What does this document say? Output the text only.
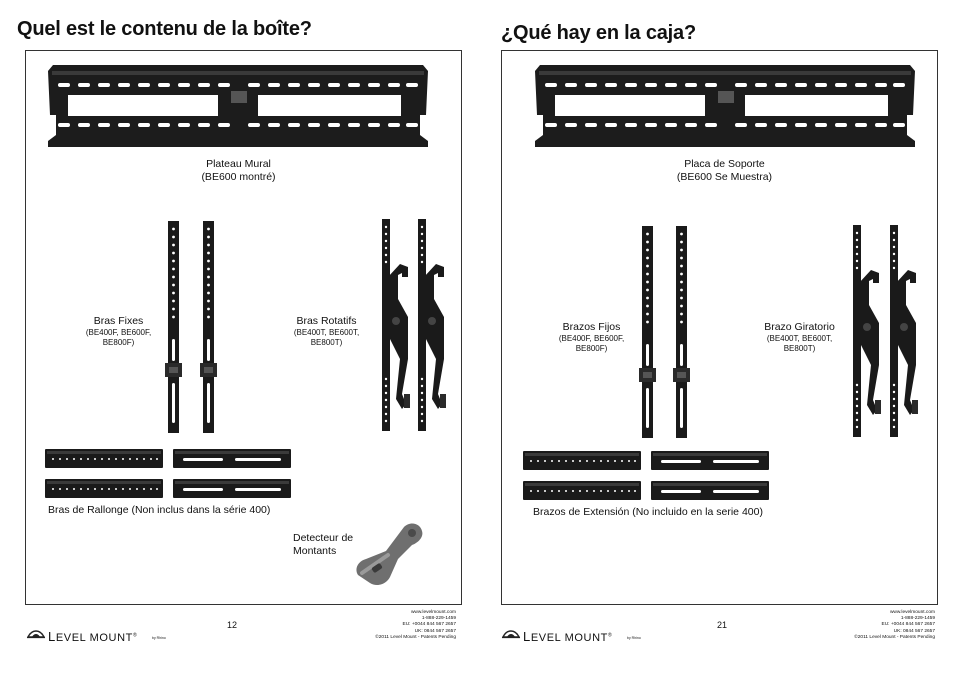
Quel est le contenu de la boîte?
Plateau Mural
(BE600 montré)
Bras Fixes
(BE400F, BE600F,
BE800F)
Bras Rotatifs
(BE400T, BE600T,
BE800T)
Bras de Rallonge (Non inclus dans la série 400)
Detecteur de
Montants
12
www.levelmount.com
1-888-229-1459
EU: +0044 844 567 2657
UK: 0844 567 2657
©2011 Level Mount - Patents Pending
LEVEL MOUNT®	by Rhino
¿Qué hay en la caja?
Placa de Soporte
(BE600 Se Muestra)
Brazos Fijos
(BE400F, BE600F,
BE800F)
Brazo Giratorio
(BE400T, BE600T,
BE800T)
Brazos de Extensión (No incluido en la serie 400)
21
www.levelmount.com
1-888-229-1459
EU: +0044 844 567 2657
UK: 0844 567 2657
©2011 Level Mount - Patents Pending
LEVEL MOUNT®	by Rhino
